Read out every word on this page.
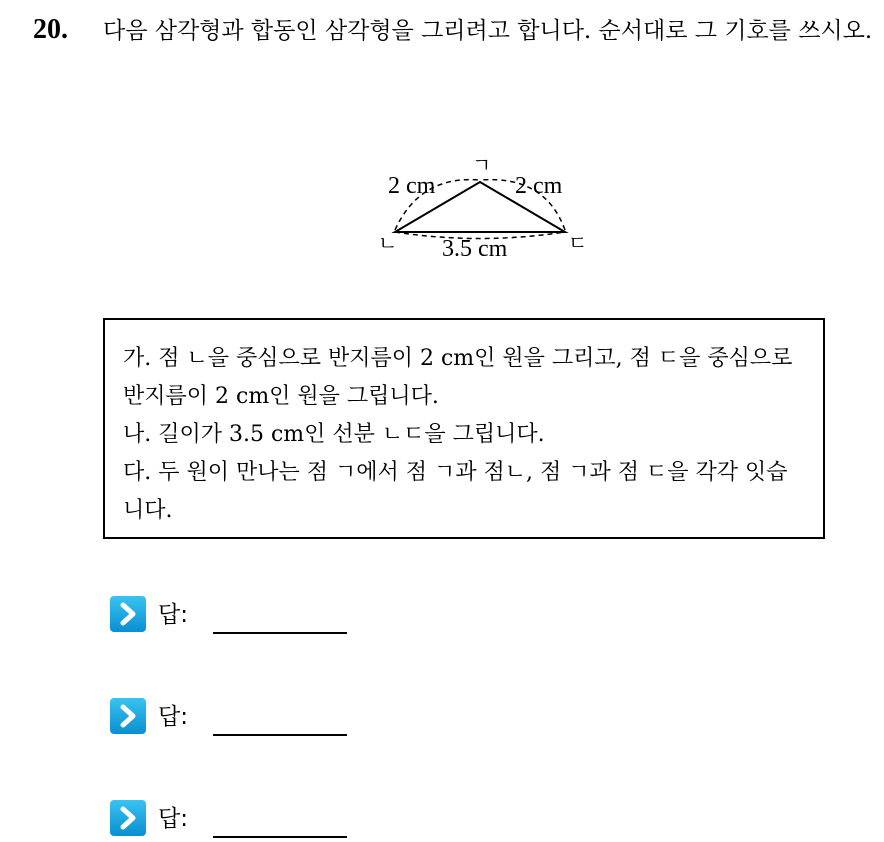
20. 다음 삼각형과 합동인 삼각형을 그리려고 합니다. 순서대로 그 기호를 쓰시오.
ㄱ
ㄴ	ㄷ
2 cm	2 cm
3.5 cm
가. 점 ㄴ을 중심으로 반지름이 2 cm인 원을 그리고, 점 ㄷ을 중심으로 반지름이 2 cm인 원을 그립니다.
나. 길이가 3.5 cm인 선분 ㄴㄷ을 그립니다.
다. 두 원이 만나는 점 ㄱ에서 점 ㄱ과 점ㄴ, 점 ㄱ과 점 ㄷ을 각각 잇습니다.
답:
답:
답:
